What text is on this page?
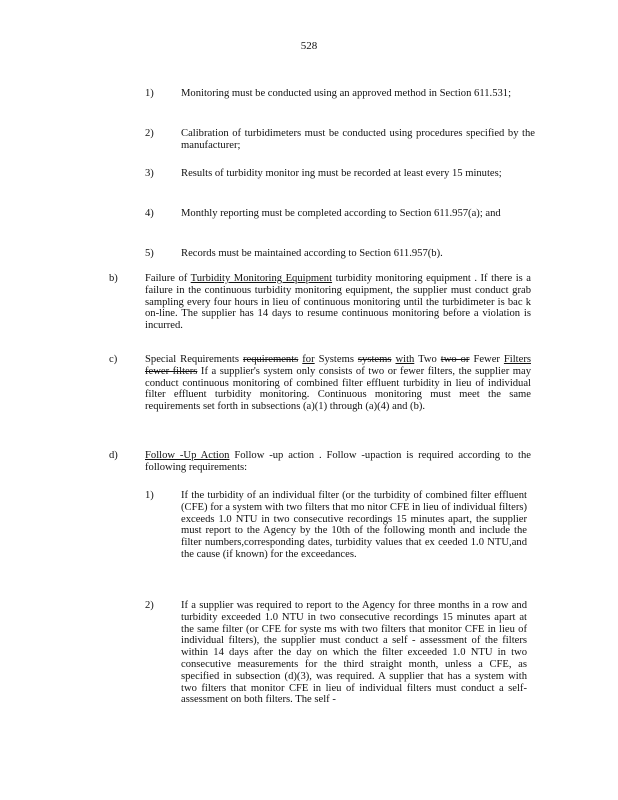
528
1)	Monitoring must be conducted using an approved method in Section 611.531;
2)	Calibration of turbidimeters must be conducted using procedures specified by the manufacturer;
3)	Results of turbidity monitor ing must be recorded at least every 15 minutes;
4)	Monthly reporting must be completed according to Section 611.957(a); and
5)	Records must be maintained according to Section 611.957(b).
b)	Failure of Turbidity Monitoring Equipment turbidity monitoring equipment . If there is a failure in the continuous turbidity monitoring equipment, the supplier must conduct grab sampling every four hours in lieu of continuous monitoring until the turbidimeter is bac k on-line. The supplier has 14 days to resume continuous monitoring before a violation is incurred.
c)	Special Requirements requirements for Systems systems with Two two or Fewer Filters fewer filters If a supplier's system only consists of two or fewer filters, the supplier may conduct continuous monitoring of combined filter effluent turbidity in lieu of individual filter effluent turbidity monitoring. Continuous monitoring must meet the same requirements set forth in subsections (a)(1) through (a)(4) and (b).
d)	Follow -Up Action Follow -up action . Follow -upaction is required according to the following requirements:
1)	If the turbidity of an individual filter (or the turbidity of combined filter effluent (CFE) for a system with two filters that mo nitor CFE in lieu of individual filters) exceeds 1.0 NTU in two consecutive recordings 15 minutes apart, the supplier must report to the Agency by the 10th of the following month and include the filter numbers,corresponding dates, turbidity values that ex ceeded 1.0 NTU,and the cause (if known) for the exceedances.
2)	If a supplier was required to report to the Agency for three months in a row and turbidity exceeded 1.0 NTU in two consecutive recordings 15 minutes apart at the same filter (or CFE for syste ms with two filters that monitor CFE in lieu of individual filters), the supplier must conduct a self - assessment of the filters within 14 days after the day on which the filter exceeded 1.0 NTU in two consecutive measurements for the third straight month, unless a CFE, as specified in subsection (d)(3), was required. A supplier that has a system with two filters that monitor CFE in lieu of individual filters must conduct a self-assessment on both filters. The self -
